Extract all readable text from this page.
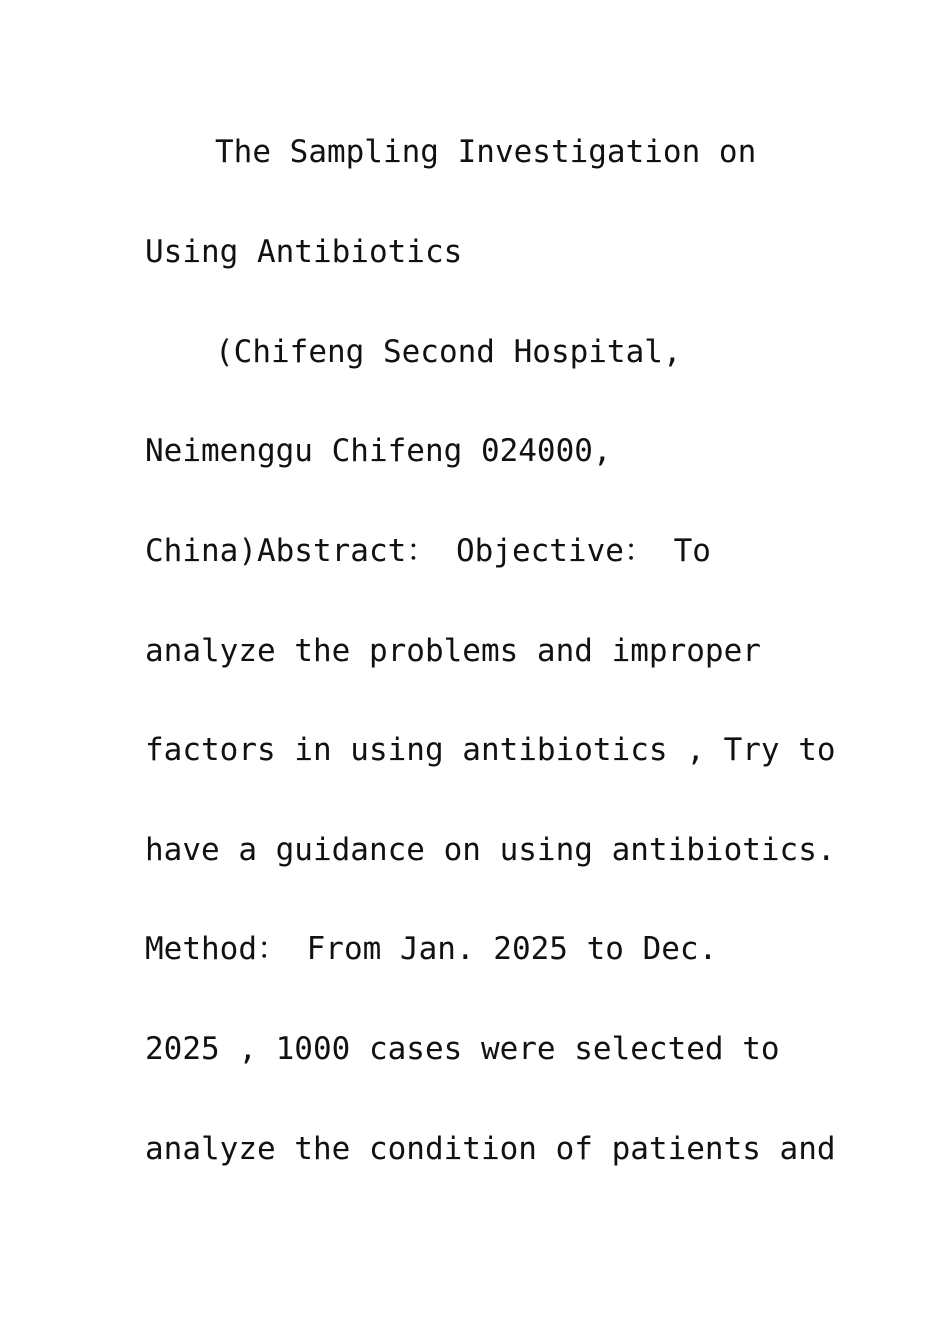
The Sampling Investigation on
Using Antibiotics
(Chifeng Second Hospital,
Neimenggu Chifeng 024000,
China)Abstract： Objective： To
analyze the problems and improper
factors in using antibiotics , Try to
have a guidance on using antibiotics.
Method： From Jan. 2025 to Dec.
2025 , 1000 cases were selected to
analyze the condition of patients and
